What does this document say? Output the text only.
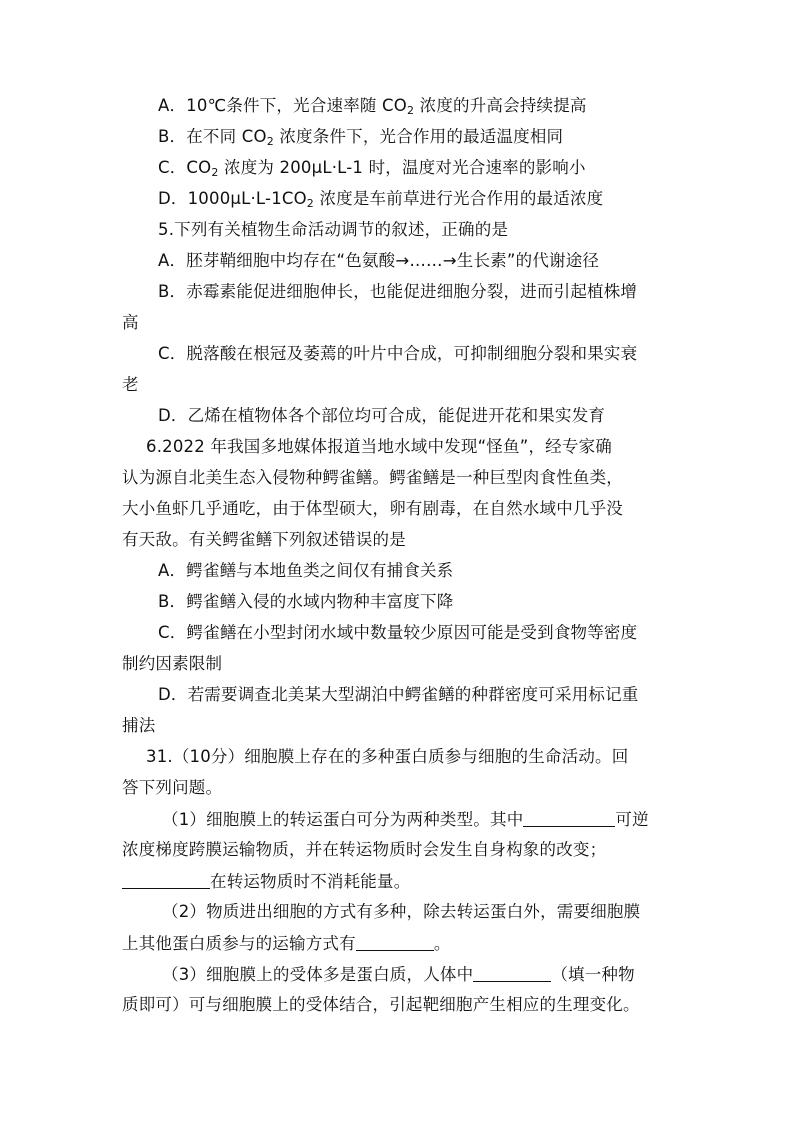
A．10℃条件下，光合速率随 $CO_2$ 浓度的升高会持续提高
B．在不同 $CO_2$ 浓度条件下，光合作用的最适温度相同
C．$CO_2$ 浓度为 200μL·L-1 时，温度对光合速率的影响小
D．$1000\mu L\cdot L-1CO_2$ 浓度是车前草进行光合作用的最适浓度
5.下列有关植物生命活动调节的叙述，正确的是
A．胚芽鞘细胞中均存在“色氨酸→……→生长素”的代谢途径
B．赤霉素能促进细胞伸长，也能促进细胞分裂，进而引起植株增
高
C．脱落酸在根冠及萎蔫的叶片中合成，可抑制细胞分裂和果实衰
老
D．乙烯在植物体各个部位均可合成，能促进开花和果实发育
6.2022 年我国多地媒体报道当地水域中发现“怪鱼”，经专家确
认为源自北美生态入侵物种鳄雀鳝。鳄雀鳝是一种巨型肉食性鱼类，
大小鱼虾几乎通吃，由于体型硕大，卵有剧毒，在自然水域中几乎没
有天敌。有关鳄雀鳝下列叙述错误的是
A．鳄雀鳝与本地鱼类之间仅有捕食关系
B．鳄雀鳝入侵的水域内物种丰富度下降
C．鳄雀鳝在小型封闭水域中数量较少原因可能是受到食物等密度
制约因素限制
D．若需要调查北美某大型湖泊中鳄雀鳝的种群密度可采用标记重
捕法
31.（10分）细胞膜上存在的多种蛋白质参与细胞的生命活动。回
答下列问题。
（1）细胞膜上的转运蛋白可分为两种类型。其中	可逆
浓度梯度跨膜运输物质，并在转运物质时会发生自身构象的改变；
在转运物质时不消耗能量。
（2）物质进出细胞的方式有多种，除去转运蛋白外，需要细胞膜
上其他蛋白质参与的运输方式有	。
（3）细胞膜上的受体多是蛋白质，人体中	（填一种物
质即可）可与细胞膜上的受体结合，引起靶细胞产生相应的生理变化。
